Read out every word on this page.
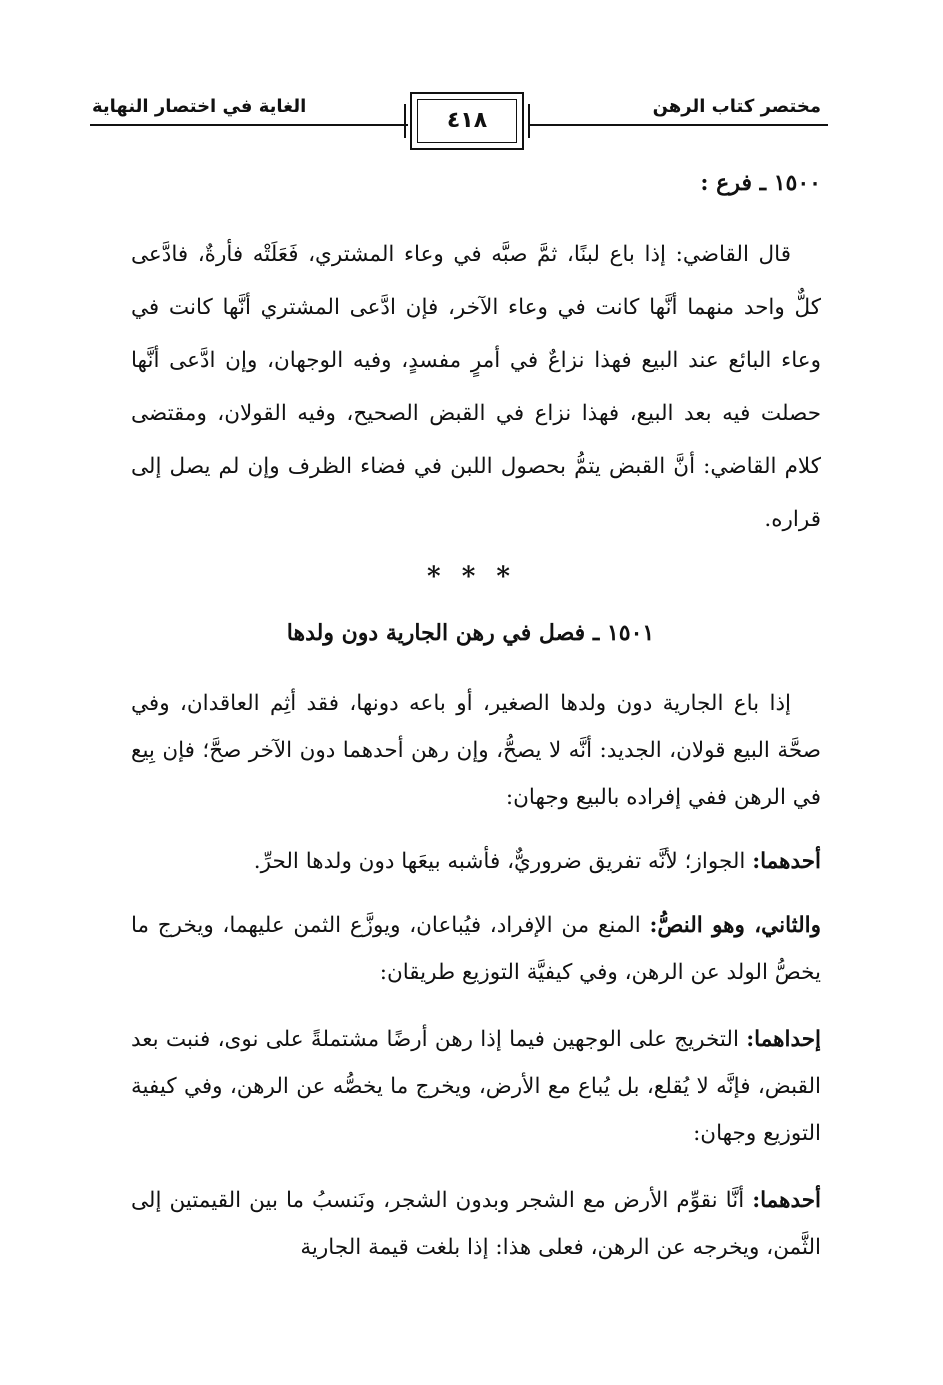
الغاية في اختصار النهاية	مختصر كتاب الرهن
٤١٨
١٥٠٠ ـ فرع :
قال القاضي: إذا باع لبنًا، ثمَّ صبَّه في وعاء المشتري، فَعَلَتْه فأرةٌ، فادَّعى كلٌّ واحد منهما أنَّها كانت في وعاء الآخر، فإن ادَّعى المشتري أنَّها كانت في وعاء البائع عند البيع فهذا نزاعٌ في أمرٍ مفسدٍ، وفيه الوجهان، وإن ادَّعى أنَّها حصلت فيه بعد البيع، فهذا نزاع في القبض الصحيح، وفيه القولان، ومقتضى كلام القاضي: أنَّ القبض يتمُّ بحصول اللبن في فضاء الظرف وإن لم يصل إلى قراره.
* * *
١٥٠١ ـ فصل في رهن الجارية دون ولدها
إذا باع الجارية دون ولدها الصغير، أو باعه دونها، فقد أثِم العاقدان، وفي صحَّة البيع قولان، الجديد: أنَّه لا يصحُّ، وإن رهن أحدهما دون الآخر صحَّ؛ فإن بِيع في الرهن ففي إفراده بالبيع وجهان:
أحدهما: الجواز؛ لأنَّه تفريق ضروريٌّ، فأشبه بيعَها دون ولدها الحرِّ.
والثاني، وهو النصُّ: المنع من الإفراد، فيُباعان، ويوزَّع الثمن عليهما، ويخرج ما يخصُّ الولد عن الرهن، وفي كيفيَّة التوزيع طريقان:
إحداهما: التخريج على الوجهين فيما إذا رهن أرضًا مشتملةً على نوى، فنبت بعد القبض، فإنَّه لا يُقلع، بل يُباع مع الأرض، ويخرج ما يخصُّه عن الرهن، وفي كيفية التوزيع وجهان:
أحدهما: أنَّا نقوِّم الأرض مع الشجر وبدون الشجر، ونَنسبُ ما بين القيمتين إلى الثَّمن، ويخرجه عن الرهن، فعلى هذا: إذا بلغت قيمة الجارية
